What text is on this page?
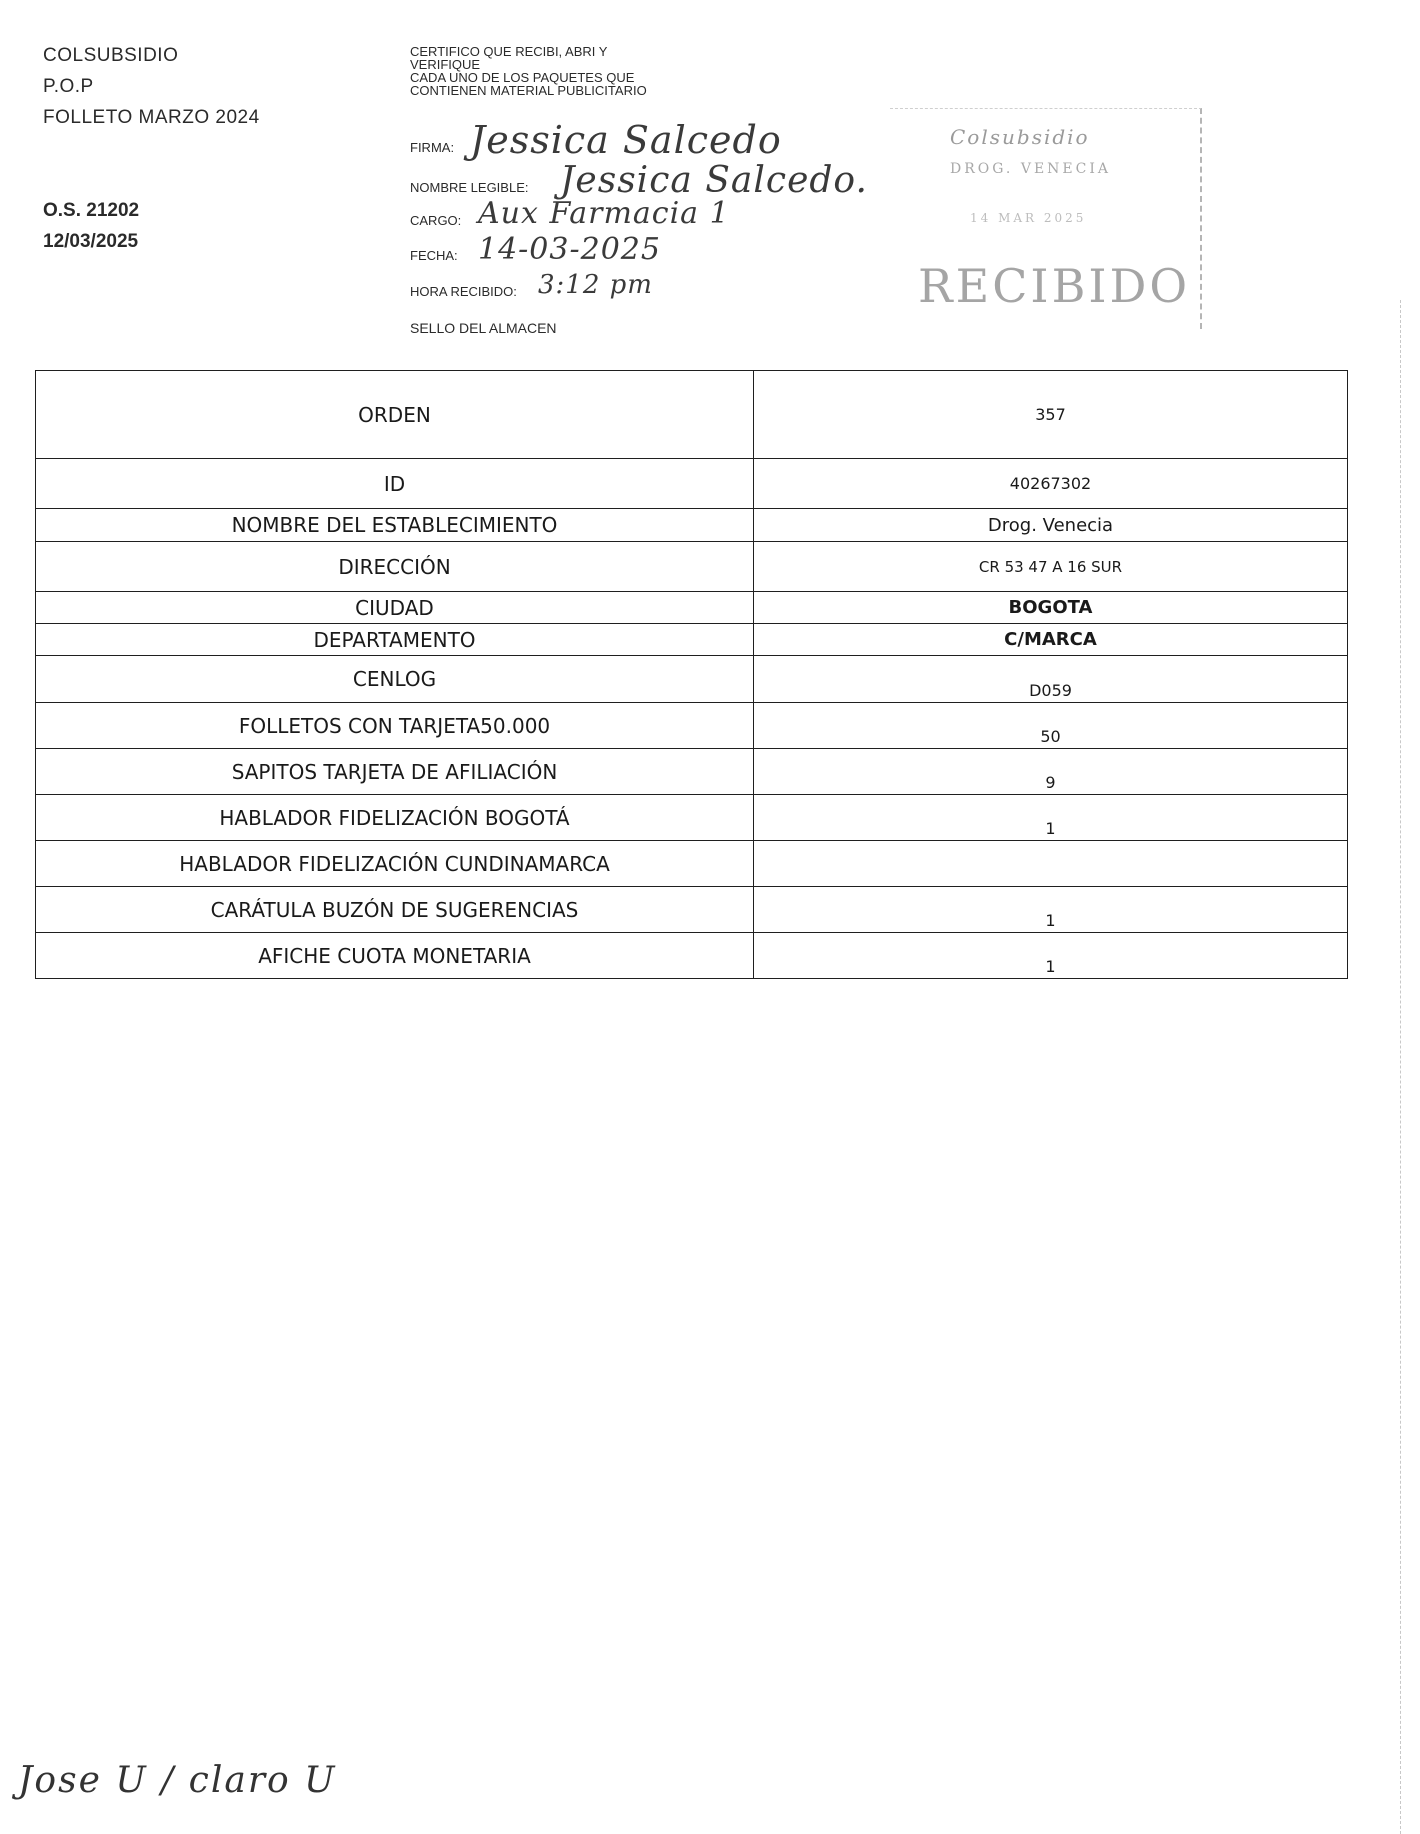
COLSUBSIDIO
P.O.P
FOLLETO MARZO 2024
O.S. 21202
12/03/2025
CERTIFICO QUE RECIBI, ABRI Y
VERIFIQUE
CADA UNO DE LOS PAQUETES QUE
CONTIENEN MATERIAL PUBLICITARIO
FIRMA: Jessica Salcedo
NOMBRE LEGIBLE: Jessica Salcedo.
CARGO: Aux Farmacia 1
FECHA: 14-03-2025
HORA RECIBIDO: 3:12 pm
SELLO DEL ALMACEN
Colsubsidio
DROG. VENECIA
14 MAR 2025
RECIBIDO
ORDEN	357
ID	40267302
NOMBRE DEL ESTABLECIMIENTO	Drog. Venecia
DIRECCIÓN	CR 53 47 A 16 SUR
CIUDAD	BOGOTA
DEPARTAMENTO	C/MARCA
CENLOG	D059
FOLLETOS CON TARJETA50.000	50
SAPITOS TARJETA DE AFILIACIÓN	9
HABLADOR FIDELIZACIÓN BOGOTÁ	1
HABLADOR FIDELIZACIÓN CUNDINAMARCA	
CARÁTULA BUZÓN DE SUGERENCIAS	1
AFICHE CUOTA MONETARIA	1
Jose U / claro U
